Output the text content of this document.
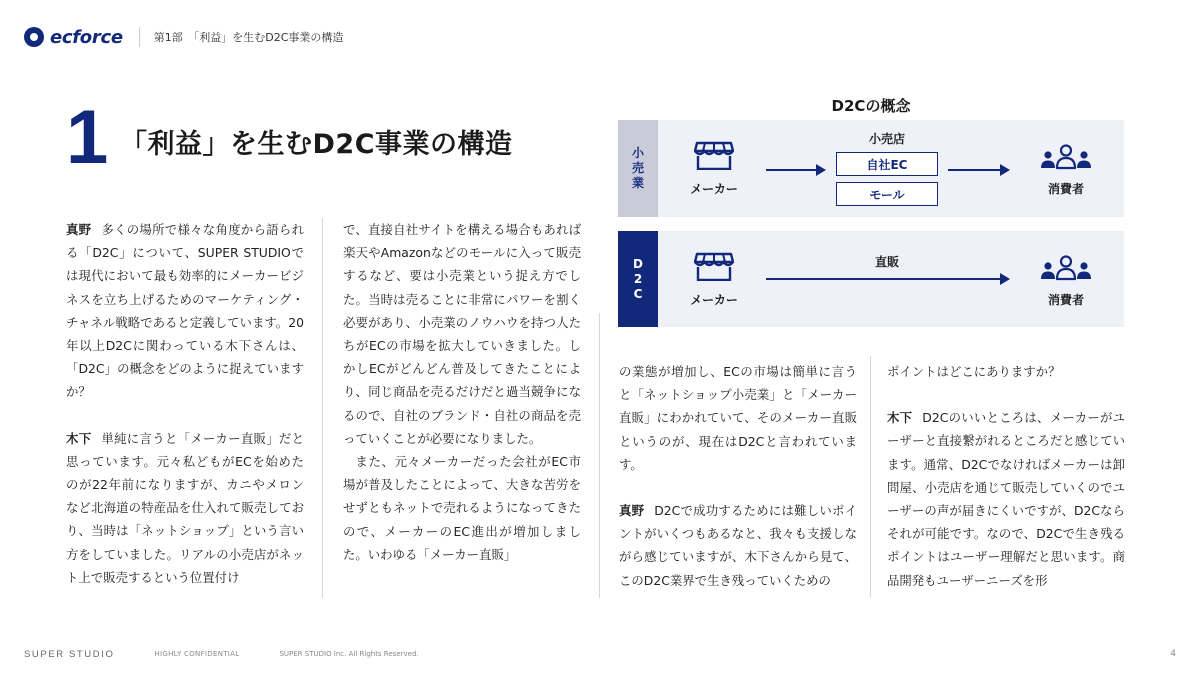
ecforce	第1部　「利益」を生むD2C事業の構造
1 「利益」を生むD2C事業の構造

真野 多くの場所で様々な角度から語られる「D2C」について、SUPER STUDIOでは現代において最も効率的にメーカービジネスを立ち上げるためのマーケティング・チャネル戦略であると定義しています。20年以上D2Cに関わっている木下さんは、「D2C」の概念をどのように捉えていますか？

木下 単純に言うと「メーカー直販」だと思っています。元々私どもがECを始めたのが22年前になりますが、カニやメロンなど北海道の特産品を仕入れて販売しており、当時は「ネットショップ」という言い方をしていました。リアルの小売店がネット上で販売するという位置付け

で、直接自社サイトを構える場合もあれば楽天やAmazonなどのモールに入って販売するなど、要は小売業という捉え方でした。当時は売ることに非常にパワーを割く必要があり、小売業のノウハウを持つ人たちがECの市場を拡大していきました。しかしECがどんどん普及してきたことにより、同じ商品を売るだけだと過当競争になるので、自社のブランド・自社の商品を売っていくことが必要になりました。

また、元々メーカーだった会社がEC市場が普及したことによって、大きな苦労をせずともネットで売れるようになってきたので、メーカーのEC進出が増加しました。いわゆる「メーカー直販」

D2Cの概念
小
売
業	メーカー
小売店
自社EC
モール	消費者
D
2
C	メーカー
直販
消費者

の業態が増加し、ECの市場は簡単に言うと「ネットショップ小売業」と「メーカー直販」にわかれていて、そのメーカー直販というのが、現在はD2Cと言われています。

真野 D2Cで成功するためには難しいポイントがいくつもあるなと、我々も支援しながら感じていますが、木下さんから見て、このD2C業界で生き残っていくための

ポイントはどこにありますか？

木下 D2Cのいいところは、メーカーがユーザーと直接繋がれるところだと感じています。通常、D2Cでなければメーカーは卸問屋、小売店を通じて販売していくのでユーザーの声が届きにくいですが、D2Cならそれが可能です。なので、D2Cで生き残るポイントはユーザー理解だと思います。商品開発もユーザーニーズを形

SUPER STUDIO	HIGHLY CONFIDENTIAL	SUPER STUDIO Inc. All Rights Reserved.	4
